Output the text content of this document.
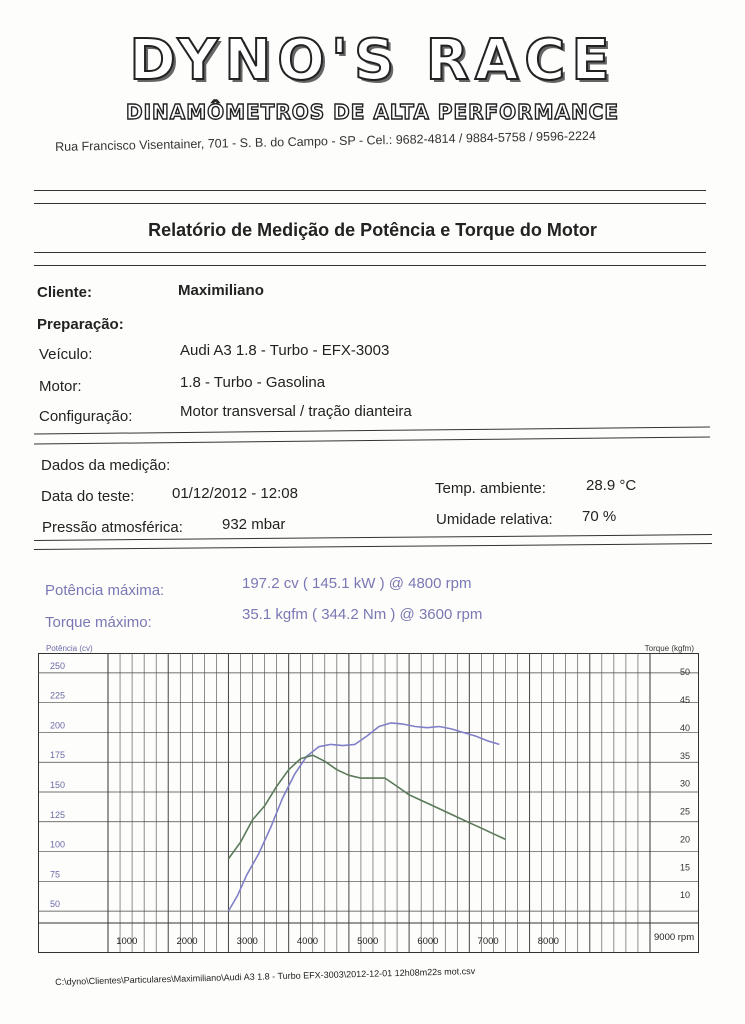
DYNO'S RACE
DINAMÔMETROS DE ALTA PERFORMANCE
Rua Francisco Visentainer, 701 - S. B. do Campo - SP - Cel.: 9682-4814 / 9884-5758 / 9596-2224
Relatório de Medição de Potência e Torque do Motor
Cliente:	Maximiliano
Preparação:
Veículo:	Audi A3 1.8 - Turbo - EFX-3003
Motor:	1.8 - Turbo - Gasolina
Configuração:	Motor transversal / tração dianteira
Dados da medição:
Data do teste:	01/12/2012 - 12:08
Pressão atmosférica:	932 mbar
Temp. ambiente:	28.9 °C
Umidade relativa: 70 %
Potência máxima:	197.2 cv ( 145.1 kW ) @ 4800 rpm
Torque máximo:	35.1 kgfm ( 344.2 Nm ) @ 3600 rpm
250
225
200
175
150
125
100
75
50
50
45
40
35
30
25
20
15
10
1000	2000	3000	4000	5000	6000	7000	8000	9000 rpm
Potência (cv)	Torque (kgfm)
C:\dyno\Clientes\Particulares\Maximiliano\Audi A3 1.8 - Turbo EFX-3003\2012-12-01 12h08m22s mot.csv
